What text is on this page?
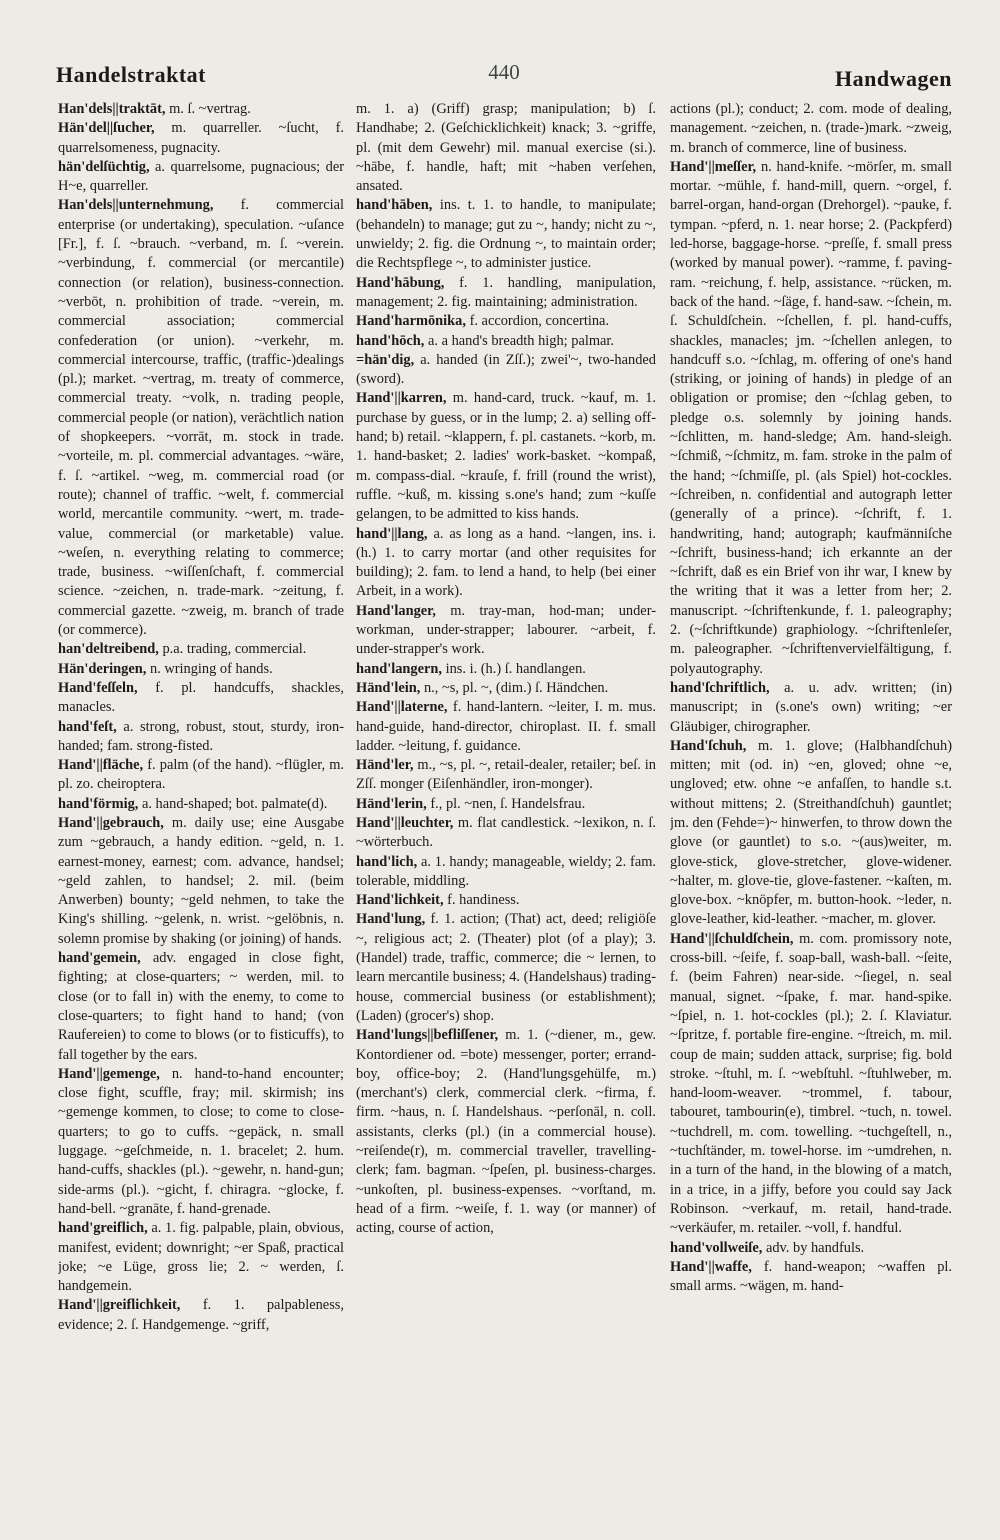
Handelstraktat	440	Handwagen

Han'dels||traktāt, m. ſ. ~vertrag.

Hän'del||ſucher, m. quarreller. ~ſucht, f. quarrelsomeness, pugnacity.

hän'delſüchtig, a. quarrelsome, pugnacious; der H~e, quarreller.

Han'dels||unternehmung, f. commercial enterprise (or undertaking), speculation. ~uſance [Fr.], f. ſ. ~brauch. ~verband, m. ſ. ~verein. ~verbindung, f. commercial (or mercantile) connection (or relation), business-connection. ~verbōt, n. prohibition of trade. ~verein, m. commercial association; commercial confederation (or union). ~verkehr, m. commercial intercourse, traffic, (traffic-)dealings (pl.); market. ~vertrag, m. treaty of commerce, commercial treaty. ~volk, n. trading people, commercial people (or nation), verächtlich nation of shopkeepers. ~vorrāt, m. stock in trade. ~vorteile, m. pl. commercial advantages. ~wäre, f. ſ. ~artikel. ~weg, m. commercial road (or route); channel of traffic. ~welt, f. commercial world, mercantile community. ~wert, m. trade-value, commercial (or marketable) value. ~weſen, n. everything relating to commerce; trade, business. ~wiſſenſchaft, f. commercial science. ~zeichen, n. trade-mark. ~zeitung, f. commercial gazette. ~zweig, m. branch of trade (or commerce).

han'deltreibend, p.a. trading, commercial.

Hän'deringen, n. wringing of hands.

Hand'feſſeln, f. pl. handcuffs, shackles, manacles.

hand'feſt, a. strong, robust, stout, sturdy, iron-handed; fam. strong-fisted.

Hand'||fläche, f. palm (of the hand). ~flügler, m. pl. zo. cheiroptera.

hand'förmig, a. hand-shaped; bot. palmate(d).

Hand'||gebrauch, m. daily use; eine Ausgabe zum ~gebrauch, a handy edition. ~geld, n. 1. earnest-money, earnest; com. advance, handsel; ~geld zahlen, to handsel; 2. mil. (beim Anwerben) bounty; ~geld nehmen, to take the King's shilling. ~gelenk, n. wrist. ~gelöbnis, n. solemn promise by shaking (or joining) of hands.

hand'gemein, adv. engaged in close fight, fighting; at close-quarters; ~ werden, mil. to close (or to fall in) with the enemy, to come to close-quarters; to fight hand to hand; (von Raufereien) to come to blows (or to fisticuffs), to fall together by the ears.

Hand'||gemenge, n. hand-to-hand encounter; close fight, scuffle, fray; mil. skirmish; ins ~gemenge kommen, to close; to come to close-quarters; to go to cuffs. ~gepäck, n. small luggage. ~geſchmeide, n. 1. bracelet; 2. hum. hand-cuffs, shackles (pl.). ~gewehr, n. hand-gun; side-arms (pl.). ~gicht, f. chiragra. ~glocke, f. hand-bell. ~granāte, f. hand-grenade.

hand'greiflich, a. 1. fig. palpable, plain, obvious, manifest, evident; downright; ~er Spaß, practical joke; ~e Lüge, gross lie; 2. ~ werden, ſ. handgemein.

Hand'||greiflichkeit, f. 1. palpableness, evidence; 2. ſ. Handgemenge. ~griff,

m. 1. a) (Griff) grasp; manipulation; b) ſ. Handhabe; 2. (Geſchicklichkeit) knack; 3. ~griffe, pl. (mit dem Gewehr) mil. manual exercise (si.). ~hābe, f. handle, haft; mit ~haben verſehen, ansated.

hand'hāben, ins. t. 1. to handle, to manipulate; (behandeln) to manage; gut zu ~, handy; nicht zu ~, unwieldy; 2. fig. die Ordnung ~, to maintain order; die Rechtspflege ~, to administer justice.

Hand'hābung, f. 1. handling, manipulation, management; 2. fig. maintaining; administration.

Hand'harmōnika, f. accordion, concertina.

hand'hōch, a. a hand's breadth high; palmar.

=hän'dig, a. handed (in Zſſ.); zwei'~, two-handed (sword).

Hand'||karren, m. hand-card, truck. ~kauf, m. 1. purchase by guess, or in the lump; 2. a) selling off-hand; b) retail. ~klappern, f. pl. castanets. ~korb, m. 1. hand-basket; 2. ladies' work-basket. ~kompaß, m. compass-dial. ~krauſe, f. frill (round the wrist), ruffle. ~kuß, m. kissing s.one's hand; zum ~kuſſe gelangen, to be admitted to kiss hands.

hand'||lang, a. as long as a hand. ~langen, ins. i. (h.) 1. to carry mortar (and other requisites for building); 2. fam. to lend a hand, to help (bei einer Arbeit, in a work).

Hand'langer, m. tray-man, hod-man; under-workman, under-strapper; labourer. ~arbeit, f. under-strapper's work.

hand'langern, ins. i. (h.) ſ. handlangen.

Händ'lein, n., ~s, pl. ~, (dim.) ſ. Händchen.

Hand'||laterne, f. hand-lantern. ~leiter, I. m. mus. hand-guide, hand-director, chiroplast. II. f. small ladder. ~leitung, f. guidance.

Händ'ler, m., ~s, pl. ~, retail-dealer, retailer; beſ. in Zſſ. monger (Eiſenhändler, iron-monger).

Händ'lerin, f., pl. ~nen, ſ. Handelsfrau.

Hand'||leuchter, m. flat candlestick. ~lexikon, n. ſ. ~wörterbuch.

hand'lich, a. 1. handy; manageable, wieldy; 2. fam. tolerable, middling.

Hand'lichkeit, f. handiness.

Hand'lung, f. 1. action; (That) act, deed; religiöſe ~, religious act; 2. (Theater) plot (of a play); 3. (Handel) trade, traffic, commerce; die ~ lernen, to learn mercantile business; 4. (Handelshaus) trading-house, commercial business (or establishment); (Laden) (grocer's) shop.

Hand'lungs||befliſſener, m. 1. (~diener, m., gew. Kontordiener od. =bote) messenger, porter; errand-boy, office-boy; 2. (Hand'lungsgehülfe, m.) (merchant's) clerk, commercial clerk. ~firma, f. firm. ~haus, n. ſ. Handelshaus. ~perſonāl, n. coll. assistants, clerks (pl.) (in a commercial house). ~reiſende(r), m. commercial traveller, travelling-clerk; fam. bagman. ~ſpeſen, pl. business-charges. ~unkoſten, pl. business-expenses. ~vorſtand, m. head of a firm. ~weiſe, f. 1. way (or manner) of acting, course of action,

actions (pl.); conduct; 2. com. mode of dealing, management. ~zeichen, n. (trade-)mark. ~zweig, m. branch of commerce, line of business.

Hand'||meſſer, n. hand-knife. ~mörſer, m. small mortar. ~mühle, f. hand-mill, quern. ~orgel, f. barrel-organ, hand-organ (Drehorgel). ~pauke, f. tympan. ~pferd, n. 1. near horse; 2. (Packpferd) led-horse, baggage-horse. ~preſſe, f. small press (worked by manual power). ~ramme, f. paving-ram. ~reichung, f. help, assistance. ~rücken, m. back of the hand. ~ſäge, f. hand-saw. ~ſchein, m. ſ. Schuldſchein. ~ſchellen, f. pl. hand-cuffs, shackles, manacles; jm. ~ſchellen anlegen, to handcuff s.o. ~ſchlag, m. offering of one's hand (striking, or joining of hands) in pledge of an obligation or promise; den ~ſchlag geben, to pledge o.s. solemnly by joining hands. ~ſchlitten, m. hand-sledge; Am. hand-sleigh. ~ſchmiß, ~ſchmitz, m. fam. stroke in the palm of the hand; ~ſchmiſſe, pl. (als Spiel) hot-cockles. ~ſchreiben, n. confidential and autograph letter (generally of a prince). ~ſchrift, f. 1. handwriting, hand; autograph; kaufmänniſche ~ſchrift, business-hand; ich erkannte an der ~ſchrift, daß es ein Brief von ihr war, I knew by the writing that it was a letter from her; 2. manuscript. ~ſchriftenkunde, f. 1. paleography; 2. (~ſchriftkunde) graphiology. ~ſchriftenleſer, m. paleographer. ~ſchriftenvervielfältigung, f. polyautography.

hand'ſchriftlich, a. u. adv. written; (in) manuscript; in (s.one's own) writing; ~er Gläubiger, chirographer.

Hand'ſchuh, m. 1. glove; (Halbhandſchuh) mitten; mit (od. in) ~en, gloved; ohne ~e, ungloved; etw. ohne ~e anfaſſen, to handle s.t. without mittens; 2. (Streithandſchuh) gauntlet; jm. den (Fehde=)~ hinwerfen, to throw down the glove (or gauntlet) to s.o. ~(aus)weiter, m. glove-stick, glove-stretcher, glove-widener. ~halter, m. glove-tie, glove-fastener. ~kaſten, m. glove-box. ~knöpfer, m. button-hook. ~leder, n. glove-leather, kid-leather. ~macher, m. glover.

Hand'||ſchuldſchein, m. com. promissory note, cross-bill. ~ſeife, f. soap-ball, wash-ball. ~ſeite, f. (beim Fahren) near-side. ~ſiegel, n. seal manual, signet. ~ſpake, f. mar. hand-spike. ~ſpiel, n. 1. hot-cockles (pl.); 2. ſ. Klaviatur. ~ſpritze, f. portable fire-engine. ~ſtreich, m. mil. coup de main; sudden attack, surprise; fig. bold stroke. ~ſtuhl, m. ſ. ~webſtuhl. ~ſtuhlweber, m. hand-loom-weaver. ~trommel, f. tabour, tabouret, tambourin(e), timbrel. ~tuch, n. towel. ~tuchdrell, m. com. towelling. ~tuchgeſtell, n., ~tuchſtänder, m. towel-horse. im ~umdrehen, n. in a turn of the hand, in the blowing of a match, in a trice, in a jiffy, before you could say Jack Robinson. ~verkauf, m. retail, hand-trade. ~verkäufer, m. retailer. ~voll, f. handful.

hand'vollweiſe, adv. by handfuls.

Hand'||waffe, f. hand-weapon; ~waffen pl. small arms. ~wägen, m. hand-
